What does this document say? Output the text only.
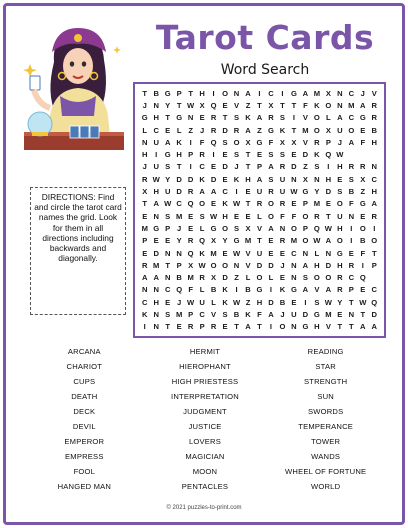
Tarot Cards
Word Search
DIRECTIONS: Find and circle the tarot card names the grid. Look for them in all directions including backwards and diagonally.
T B G P T H	I O N A	I	C	I G A M X N C J V
J N Y T W X Q E V Z T X T T F K O N M A R
G H T G N E R T S K A R S	I	V O L A C G R
L C E L Z J R D R A Z G K T M O X U O E B
N U A K	I	F Q S O X G F X X V R P J A F H
H	I G H P R	I	E S T E S S E D K Q W
J U S T	I	C E D J T P A R D Z S	I	H R R N
R W Y D D K D E K H A S U N X N H E S X C
X H U D R A A C	I	E U R U W G Y D S B Z H
T A W C Q O E K W T R O R E P M E O F G A
E N S M E S W H E E L O F F O R T U N E R
M G P J E L G O S X V A N O P Q W H	I O I
P E E Y R Q X Y G M T E R M O W A O I	B O
E D N N Q K M E W V U E E C N L N G E F T
R M T P X W O O N V D D J N A H D H R	I	P
A A N B M R X D Z L O L E N S O O R C Q
N N C Q F L B K	I	B G I	K G A V A R P E C
C H E J W U L K W Z H D B E	I	S W Y T W Q
K N S M P C V S B K F A J U D G M E N T D
I	N T E R P R E T A T	I O N G H V T T A A
ARCANA
CHARIOT
CUPS
DEATH
DECK
DEVIL
EMPEROR
EMPRESS
FOOL
HANGED MAN
HERMIT
HIEROPHANT
HIGH PRIESTESS
INTERPRETATION
JUDGMENT
JUSTICE
LOVERS
MAGICIAN
MOON
PENTACLES
READING
STAR
STRENGTH
SUN
SWORDS
TEMPERANCE
TOWER
WANDS
WHEEL OF FORTUNE
WORLD
© 2021 puzzles-to-print.com
